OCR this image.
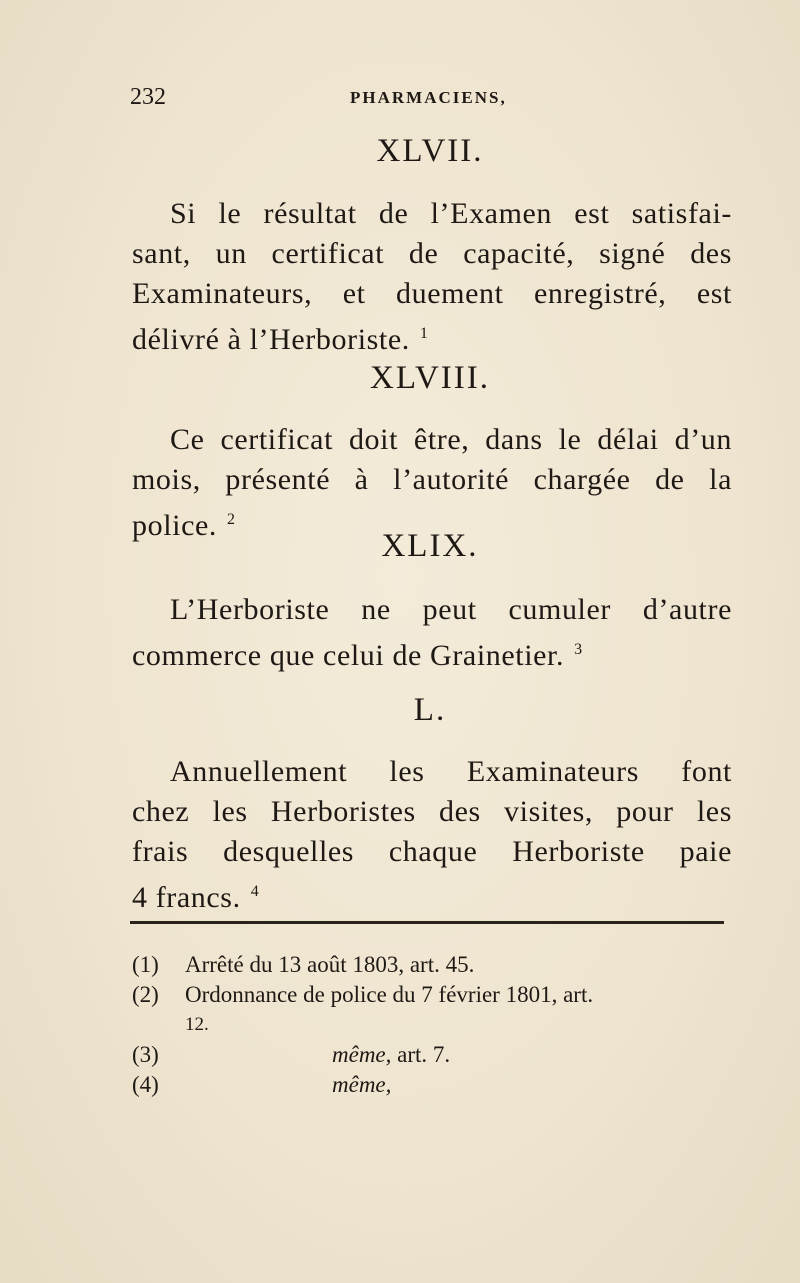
232	PHARMACIENS,
XLVII.
Si le résultat de l’Examen est satisfai-
sant, un certificat de capacité, signé des
Examinateurs, et duement enregistré, est
délivré à l’Herboriste. $^1$
XLVIII.
Ce certificat doit être, dans le délai d’un
mois, présenté à l’autorité chargée de la
police. $^2$
XLIX.
L’Herboriste ne peut cumuler d’autre
commerce que celui de Grainetier. $^3$
L.
Annuellement les Examinateurs font
chez les Herboristes des visites, pour les
frais desquelles chaque Herboriste paie
4 francs. $^4$
(1) Arrêté du 13 août 1803, art. 45.
(2) Ordonnance de police du 7 février 1801, art.
12.
(3)	même, art. 7.
(4)	même,
